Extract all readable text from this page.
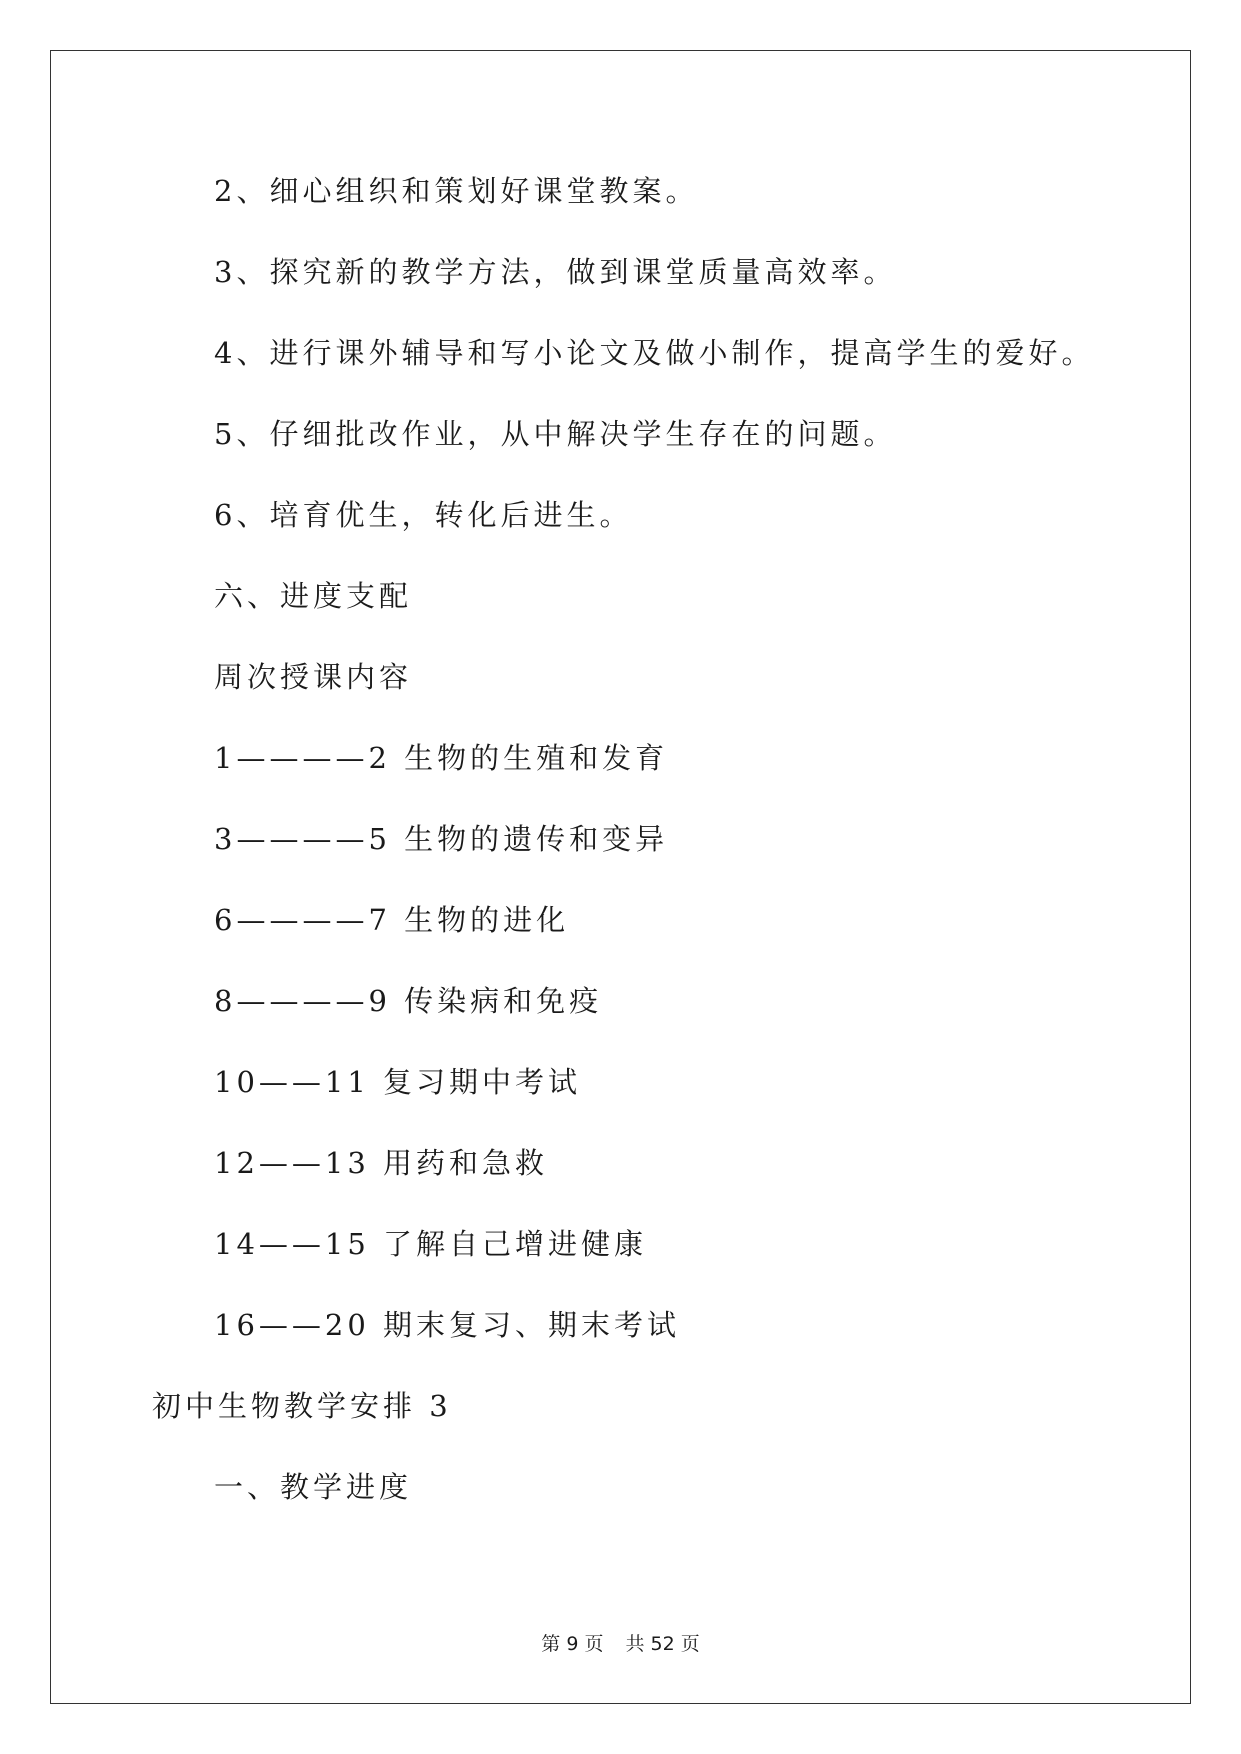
2、细心组织和策划好课堂教案。
3、探究新的教学方法，做到课堂质量高效率。
4、进行课外辅导和写小论文及做小制作，提高学生的爱好。
5、仔细批改作业，从中解决学生存在的问题。
6、培育优生，转化后进生。
六、进度支配
周次授课内容
1————2 生物的生殖和发育
3————5 生物的遗传和变异
6————7 生物的进化
8————9 传染病和免疫
10——11 复习期中考试
12——13 用药和急救
14——15 了解自己增进健康
16——20 期末复习、期末考试
初中生物教学安排 3
一、教学进度
第 9 页 共 52 页
